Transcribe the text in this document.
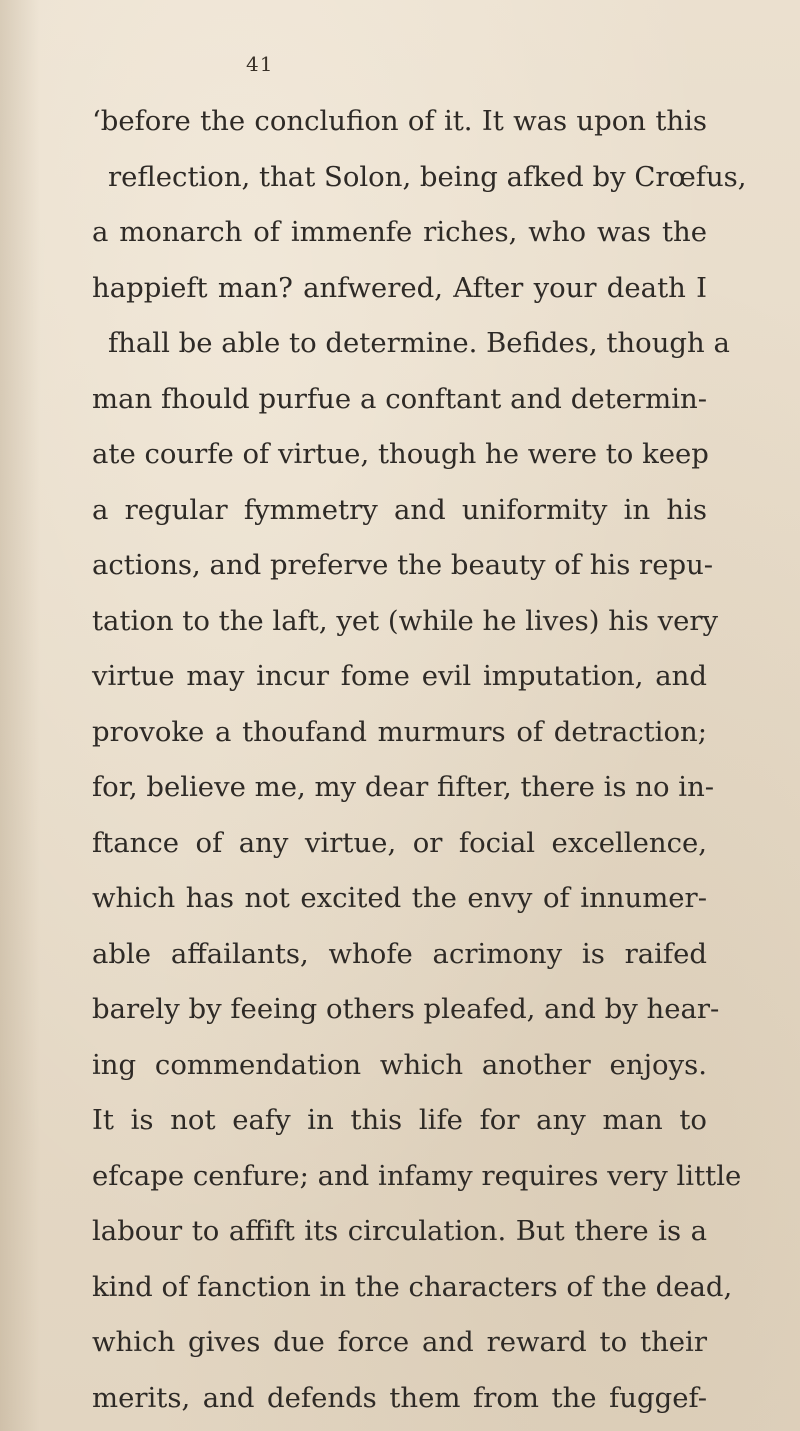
41
‘before the conclufion of it. It was upon this
reflection, that Solon, being afked by Crœfus,
a monarch of immenfe riches, who was the
happieft man? anfwered, After your death I
fhall be able to determine. Befides, though a
man fhould purfue a conftant and determin-
ate courfe of virtue, though he were to keep
a regular fymmetry and uniformity in his
actions, and preferve the beauty of his repu-
tation to the laft, yet (while he lives) his very
virtue may incur fome evil imputation, and
provoke a thoufand murmurs of detraction;
for, believe me, my dear fifter, there is no in-
ftance of any virtue, or focial excellence,
which has not excited the envy of innumer-
able affailants, whofe acrimony is raifed
barely by feeing others pleafed, and by hear-
ing commendation which another enjoys.
It is not eafy in this life for any man to
efcape cenfure; and infamy requires very little
labour to affift its circulation. But there is a
kind of fanction in the characters of the dead,
which gives due force and reward to their
merits, and defends them from the fuggef-
